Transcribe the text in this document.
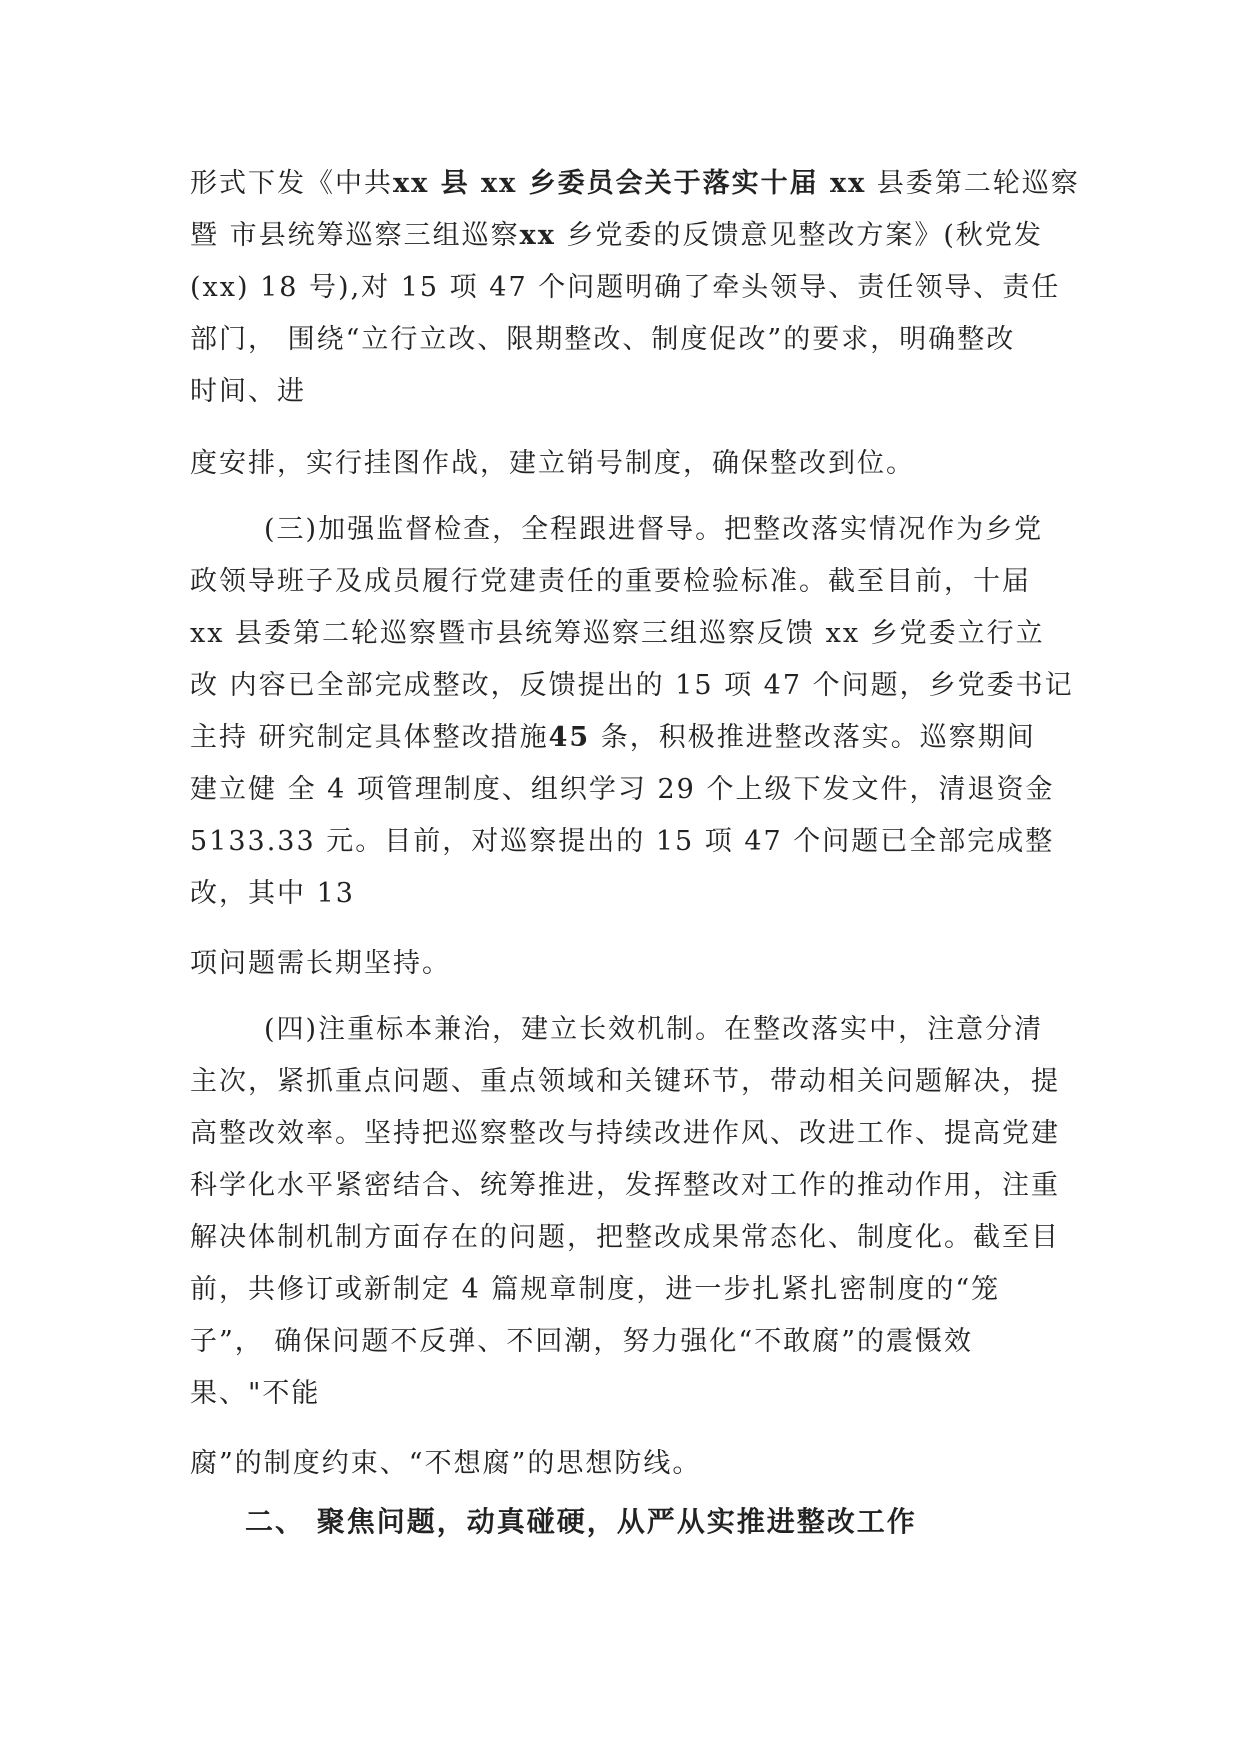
形式下发《中共xx 县 xx 乡委员会关于落实十届 xx 县委第二轮巡察
暨 市县统筹巡察三组巡察xx 乡党委的反馈意见整改方案》(秋党发
(xx) 18 号),对 15 项 47 个问题明确了牵头领导、责任领导、责任
部门， 围绕“立行立改、限期整改、制度促改”的要求，明确整改
时间、进
度安排，实行挂图作战，建立销号制度，确保整改到位。
(三)加强监督检查，全程跟进督导。把整改落实情况作为乡党
政领导班子及成员履行党建责任的重要检验标准。截至目前，十届
xx 县委第二轮巡察暨市县统筹巡察三组巡察反馈 xx 乡党委立行立
改 内容已全部完成整改，反馈提出的 15 项 47 个问题，乡党委书记
主持 研究制定具体整改措施45 条，积极推进整改落实。巡察期间
建立健 全 4 项管理制度、组织学习 29 个上级下发文件，清退资金
5133.33 元。目前，对巡察提出的 15 项 47 个问题已全部完成整
改，其中 13
项问题需长期坚持。
(四)注重标本兼治，建立长效机制。在整改落实中，注意分清
主次，紧抓重点问题、重点领域和关键环节，带动相关问题解决，提
高整改效率。坚持把巡察整改与持续改进作风、改进工作、提高党建
科学化水平紧密结合、统筹推进，发挥整改对工作的推动作用，注重
解决体制机制方面存在的问题，把整改成果常态化、制度化。截至目
前，共修订或新制定 4 篇规章制度，进一步扎紧扎密制度的“笼
子”， 确保问题不反弹、不回潮，努力强化“不敢腐”的震慑效
果、"不能
腐”的制度约束、“不想腐”的思想防线。
二、 聚焦问题，动真碰硬，从严从实推进整改工作
